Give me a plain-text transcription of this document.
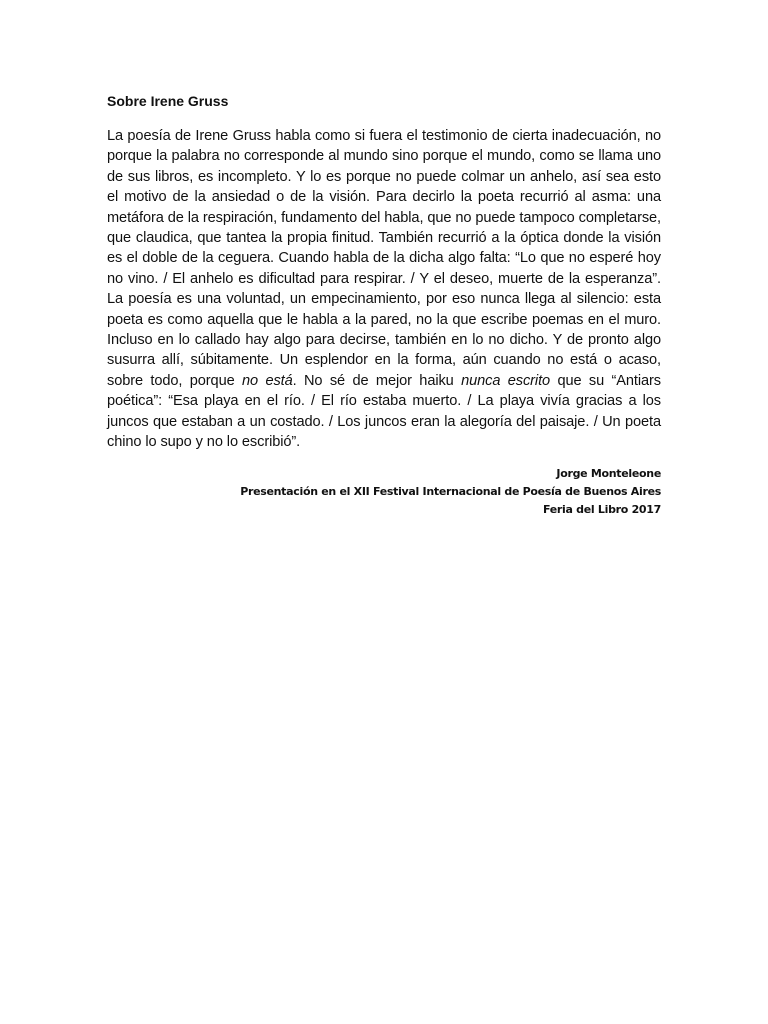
Sobre Irene Gruss

La poesía de Irene Gruss habla como si fuera el testimonio de cierta inadecuación, no porque la palabra no corresponde al mundo sino porque el mundo, como se llama uno de sus libros, es incompleto. Y lo es porque no puede colmar un anhelo, así sea esto el motivo de la ansiedad o de la visión. Para decirlo la poeta recurrió al asma: una metáfora de la respiración, fundamento del habla, que no puede tampoco completarse, que claudica, que tantea la propia finitud. También recurrió a la óptica donde la visión es el doble de la ceguera. Cuando habla de la dicha algo falta: “Lo que no esperé hoy no vino. / El anhelo es dificultad para respirar. / Y el deseo, muerte de la esperanza”. La poesía es una voluntad, un empecinamiento, por eso nunca llega al silencio: esta poeta es como aquella que le habla a la pared, no la que escribe poemas en el muro. Incluso en lo callado hay algo para decirse, también en lo no dicho. Y de pronto algo susurra allí, súbitamente. Un esplendor en la forma, aún cuando no está o acaso, sobre todo, porque no está. No sé de mejor haiku nunca escrito que su “Antiars poética”: “Esa playa en el río. / El río estaba muerto. / La playa vivía gracias a los juncos que estaban a un costado. / Los juncos eran la alegoría del paisaje. / Un poeta chino lo supo y no lo escribió”.

Jorge Monteleone
Presentación en el XII Festival Internacional de Poesía de Buenos Aires
Feria del Libro 2017
